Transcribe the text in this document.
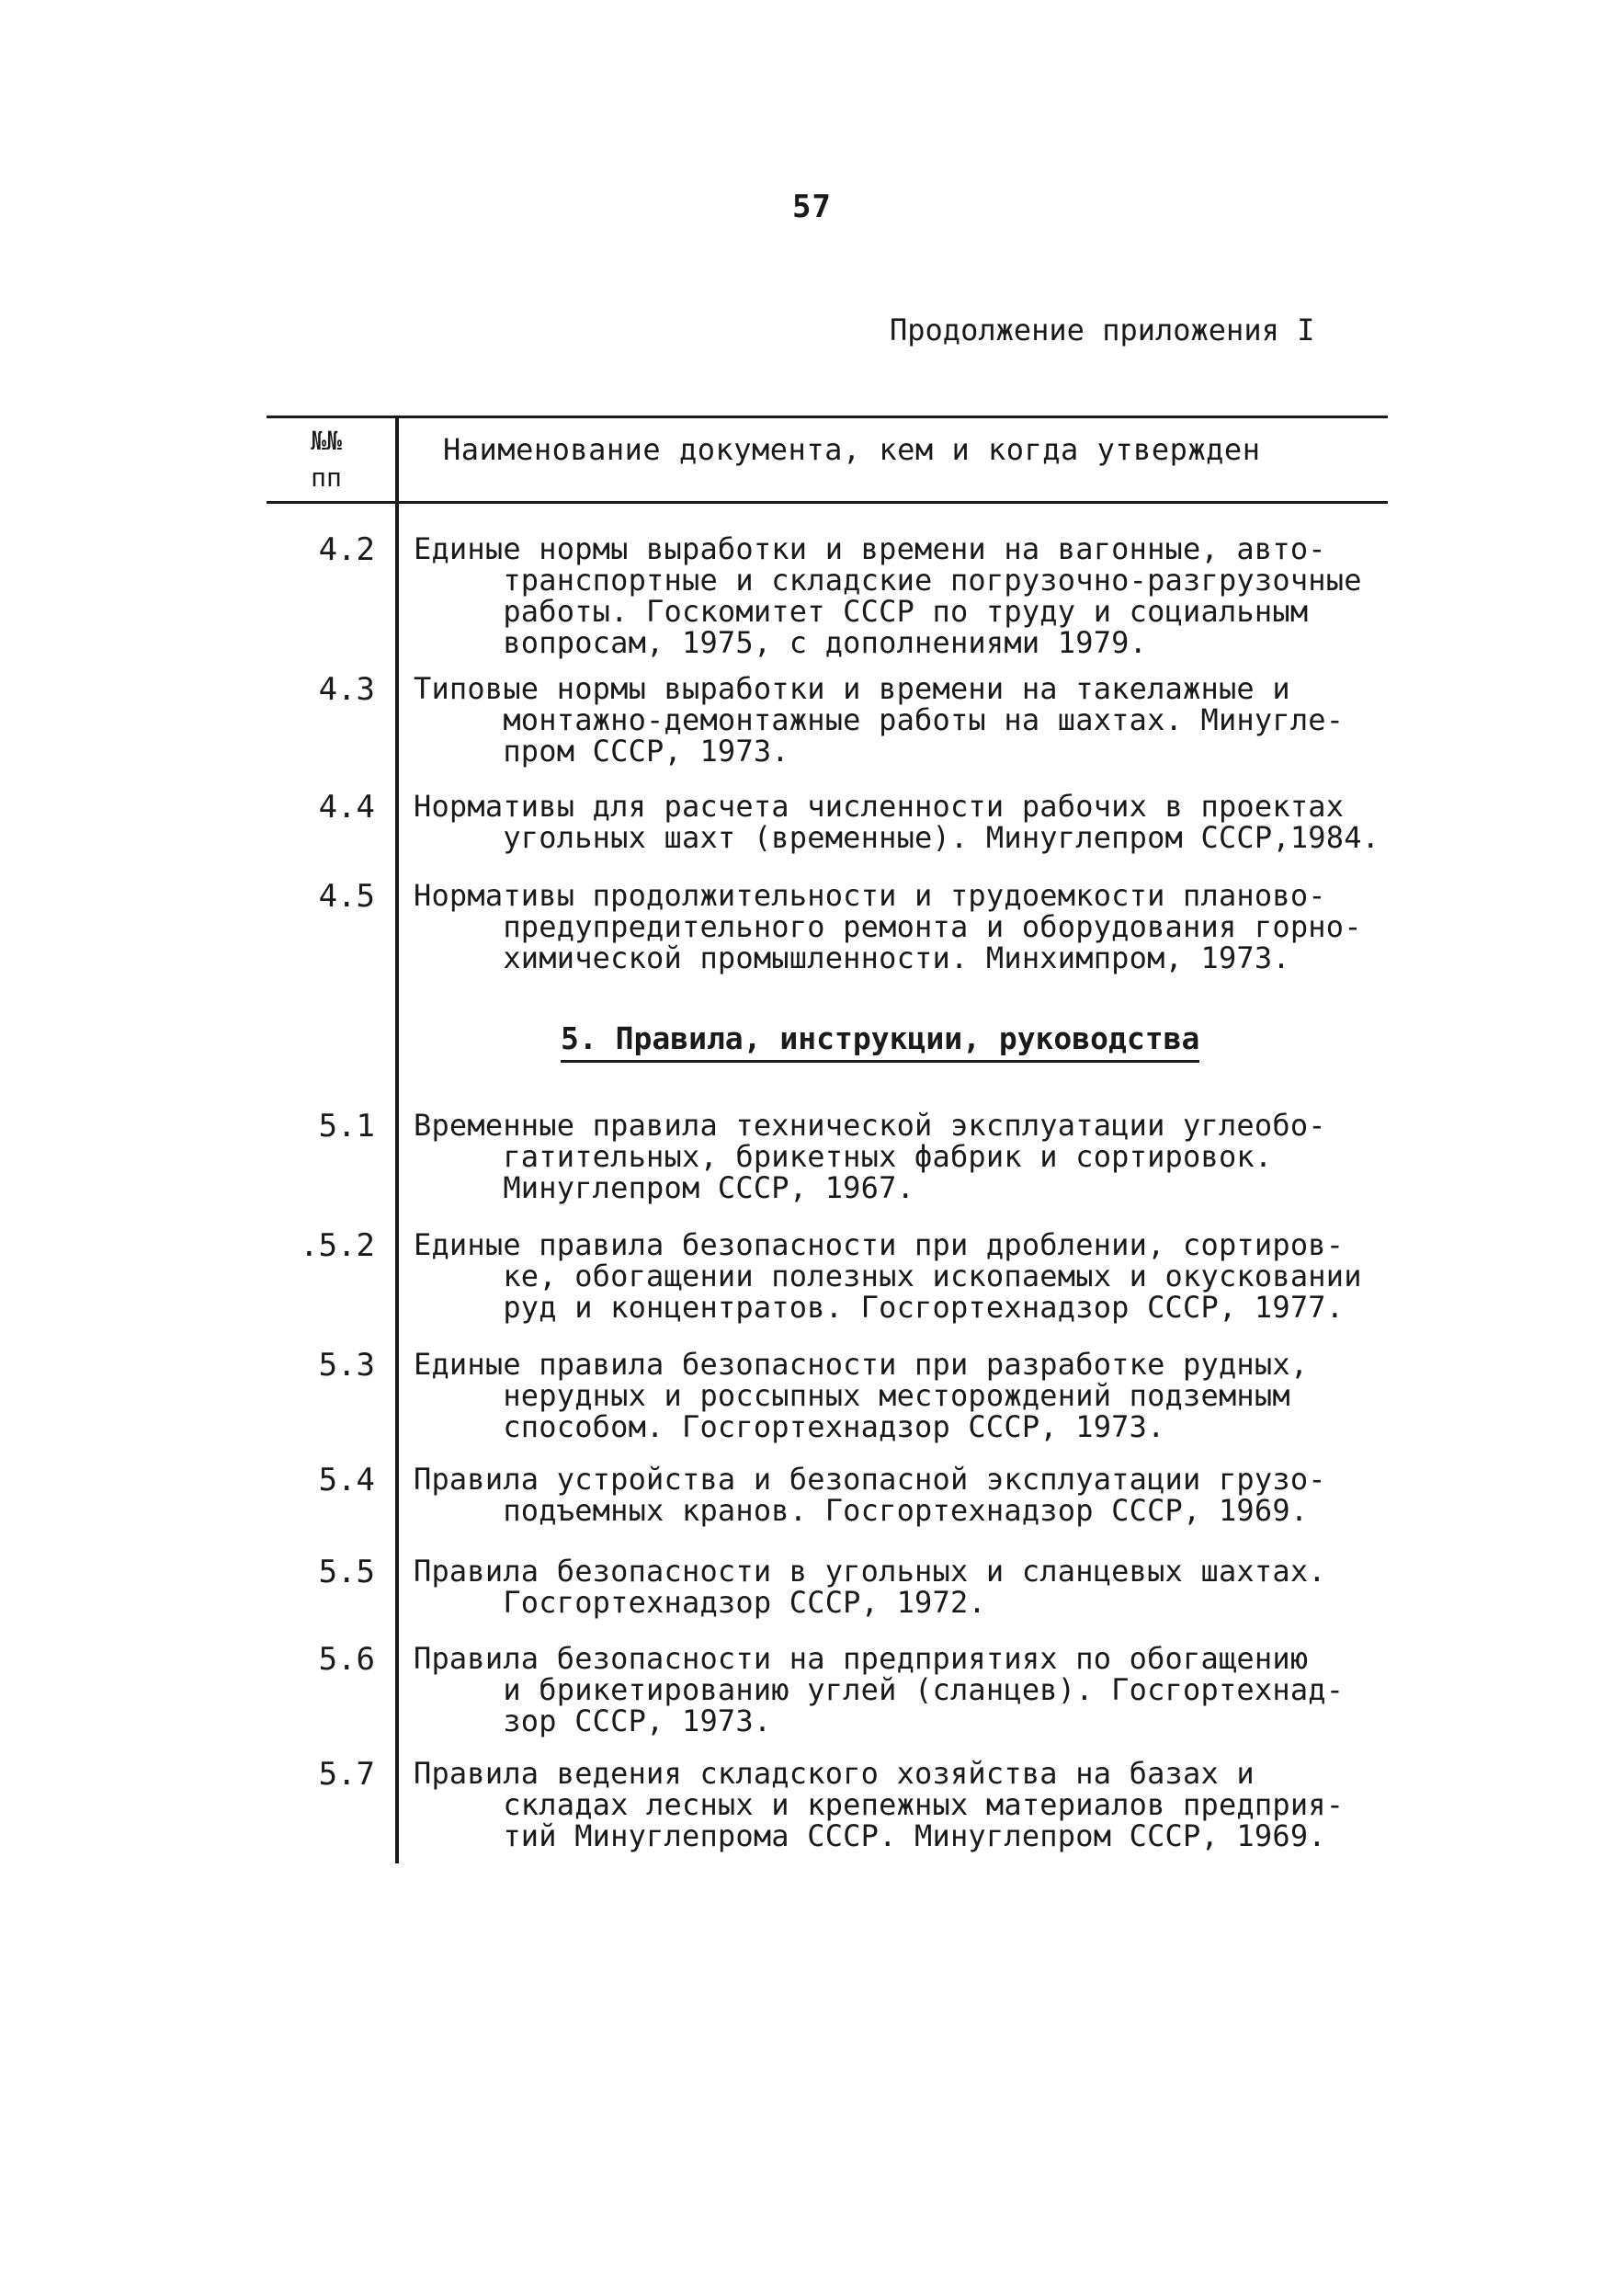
57
Продолжение приложения I
№№
пп
Наименование документа, кем и когда утвержден
5. Правила, инструкции, руководства
4.2 Единые нормы выработки и времени на вагонные, авто-
транспортные и складские погрузочно-разгрузочные
работы. Госкомитет СССР по труду и социальным
вопросам, 1975, с дополнениями 1979.
4.3 Типовые нормы выработки и времени на такелажные и
монтажно-демонтажные работы на шахтах. Минугле-
пром СССР, 1973.
4.4 Нормативы для расчета численности рабочих в проектах
угольных шахт (временные). Минуглепром СССР,1984.
4.5 Нормативы продолжительности и трудоемкости планово-
предупредительного ремонта и оборудования горно-
химической промышленности. Минхимпром, 1973.
5.1 Временные правила технической эксплуатации углеобо-
гатительных, брикетных фабрик и сортировок.
Минуглепром СССР, 1967.
.5.2 Единые правила безопасности при дроблении, сортиров-
ке, обогащении полезных ископаемых и окусковании
руд и концентратов. Госгортехнадзор СССР, 1977.
5.3 Единые правила безопасности при разработке рудных,
нерудных и россыпных месторождений подземным
способом. Госгортехнадзор СССР, 1973.
5.4 Правила устройства и безопасной эксплуатации грузо-
подъемных кранов. Госгортехнадзор СССР, 1969.
5.5 Правила безопасности в угольных и сланцевых шахтах.
Госгортехнадзор СССР, 1972.
5.6 Правила безопасности на предприятиях по обогащению
и брикетированию углей (сланцев). Госгортехнад-
зор СССР, 1973.
5.7 Правила ведения складского хозяйства на базах и
складах лесных и крепежных материалов предприя-
тий Минуглепрома СССР. Минуглепром СССР, 1969.
